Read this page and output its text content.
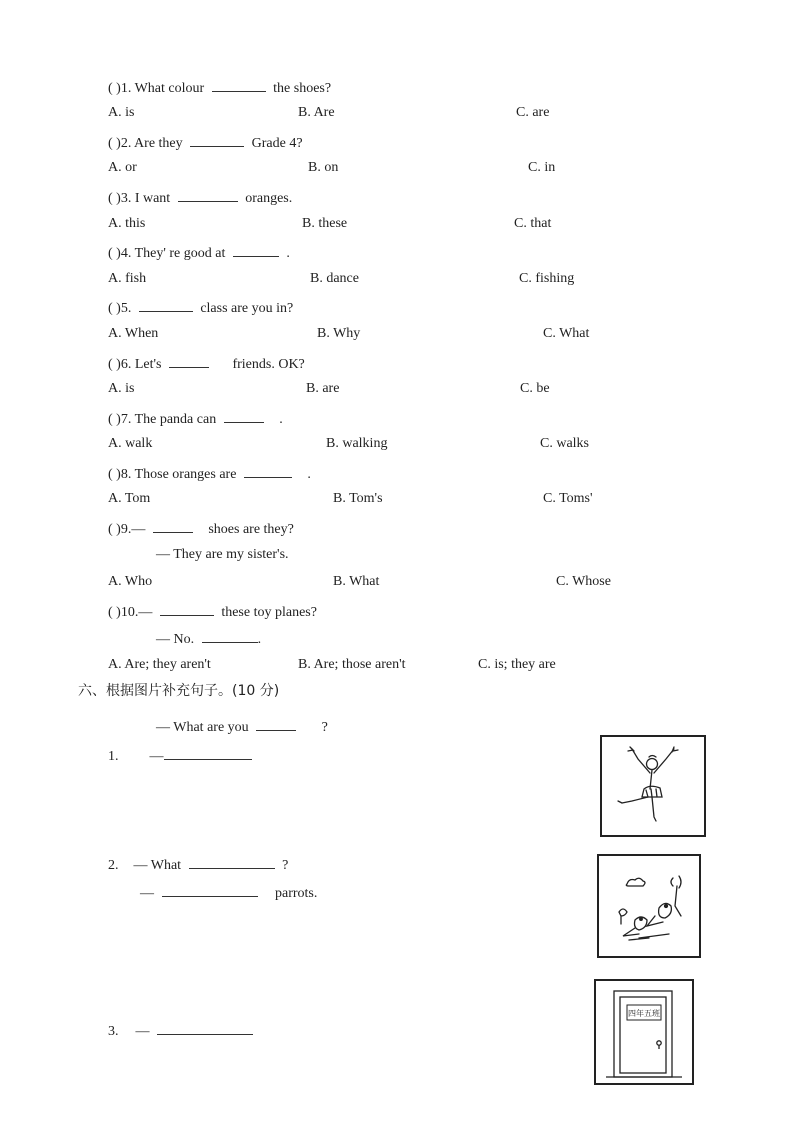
( )1. What colour	the shoes?
A. is	B. Are	C. are
( )2. Are they	Grade 4?
A. or	B. on	C. in
( )3. I want	oranges.
A. this	B. these	C. that
( )4. They' re good at	.
A. fish	B. dance	C. fishing
( )5.	class are you in?
A. When	B. Why	C. What
( )6. Let's	friends. OK?
A. is	B. are	C. be
( )7. The panda can	.
A. walk	B. walking	C. walks
( )8. Those oranges are	.
A. Tom	B. Tom's	C. Toms'
( )9.—	shoes are they?
— They are my sister's.
A. Who	B. What	C. Whose
( )10.—	these toy planes?
— No.	.
A. Are; they aren't	B. Are; those aren't	C. is; they are
六、根据图片补充句子。(10 分)
— What are you	?
1. —
2. — What	?
—	parrots.
3. —
四年五班
